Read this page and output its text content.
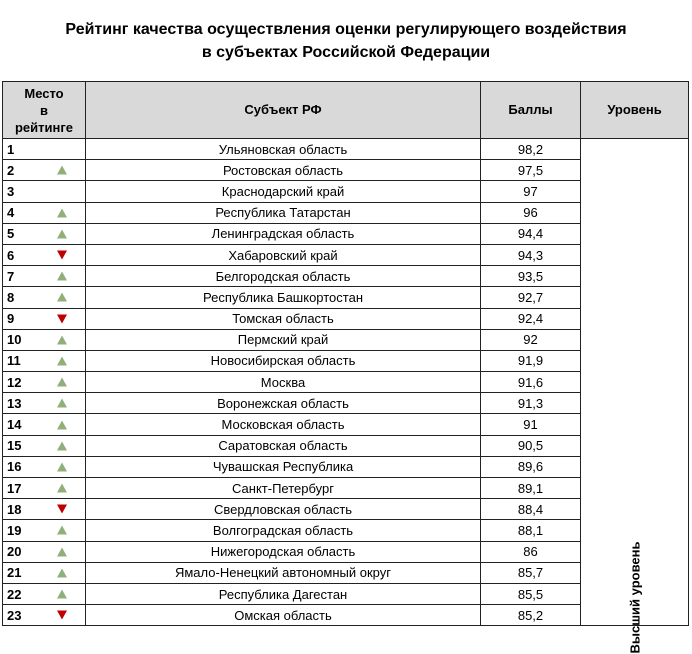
Рейтинг качества осуществления оценки регулирующего воздействия
в субъектах Российской Федерации
Место
в
рейтинге	Субъект РФ	Баллы	Уровень
1	Ульяновская область	98,2	Высший уровень

2	Ростовская область	97,5	
3	Краснодарский край	97	
4	Республика Татарстан	96	
5	Ленинградская область	94,4	
6	Хабаровский край	94,3	
7	Белгородская область	93,5	
8	Республика Башкортостан	92,7	
9	Томская область	92,4	
10	Пермский край	92	
11	Новосибирская область	91,9	
12	Москва	91,6	
13	Воронежская область	91,3	
14	Московская область	91	
15	Саратовская область	90,5	
16	Чувашская Республика	89,6	
17	Санкт-Петербург	89,1	
18	Свердловская область	88,4	
19	Волгоградская область	88,1	
20	Нижегородская область	86	
21	Ямало-Ненецкий автономный округ	85,7	
22	Республика Дагестан	85,5	
23	Омская область	85,2	
